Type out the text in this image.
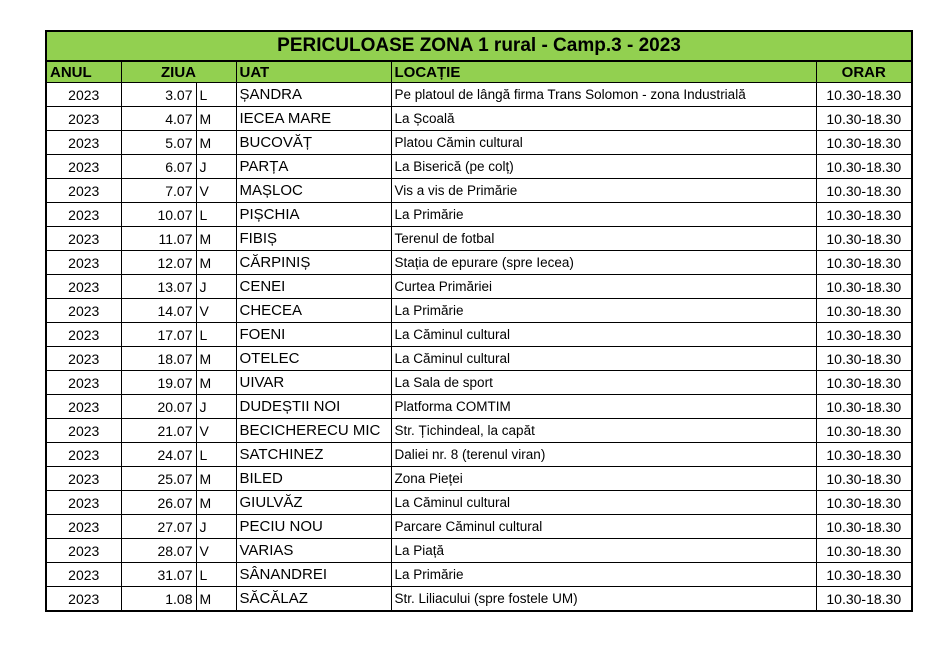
PERICULOASE ZONA 1 rural - Camp.3 - 2023					
ANUL	ZIUA		UAT	LOCAȚIE	ORAR
2023	3.07	L	ȘANDRA	Pe platoul de lângă firma Trans Solomon - zona Industrială	10.30-18.30
2023	4.07	M	IECEA MARE	La Școală	10.30-18.30
2023	5.07	M	BUCOVĂȚ	Platou Cămin cultural	10.30-18.30
2023	6.07	J	PARȚA	La Biserică (pe colț)	10.30-18.30
2023	7.07	V	MAȘLOC	Vis a vis de Primărie	10.30-18.30
2023	10.07	L	PIȘCHIA	La Primărie	10.30-18.30
2023	11.07	M	FIBIȘ	Terenul de fotbal	10.30-18.30
2023	12.07	M	CĂRPINIȘ	Stația de epurare (spre Iecea)	10.30-18.30
2023	13.07	J	CENEI	Curtea Primăriei	10.30-18.30
2023	14.07	V	CHECEA	La Primărie	10.30-18.30
2023	17.07	L	FOENI	La Căminul cultural	10.30-18.30
2023	18.07	M	OTELEC	La Căminul cultural	10.30-18.30
2023	19.07	M	UIVAR	La Sala de sport	10.30-18.30
2023	20.07	J	DUDEȘTII NOI	Platforma COMTIM	10.30-18.30
2023	21.07	V	BECICHERECU MIC	Str. Țichindeal, la capăt	10.30-18.30
2023	24.07	L	SATCHINEZ	Daliei nr. 8 (terenul viran)	10.30-18.30
2023	25.07	M	BILED	Zona Pieței	10.30-18.30
2023	26.07	M	GIULVĂZ	La Căminul cultural	10.30-18.30
2023	27.07	J	PECIU NOU	Parcare Căminul cultural	10.30-18.30
2023	28.07	V	VARIAS	La Piață	10.30-18.30
2023	31.07	L	SÂNANDREI	La Primărie	10.30-18.30
2023	1.08	M	SĂCĂLAZ	Str. Liliacului (spre fostele UM)	10.30-18.30
